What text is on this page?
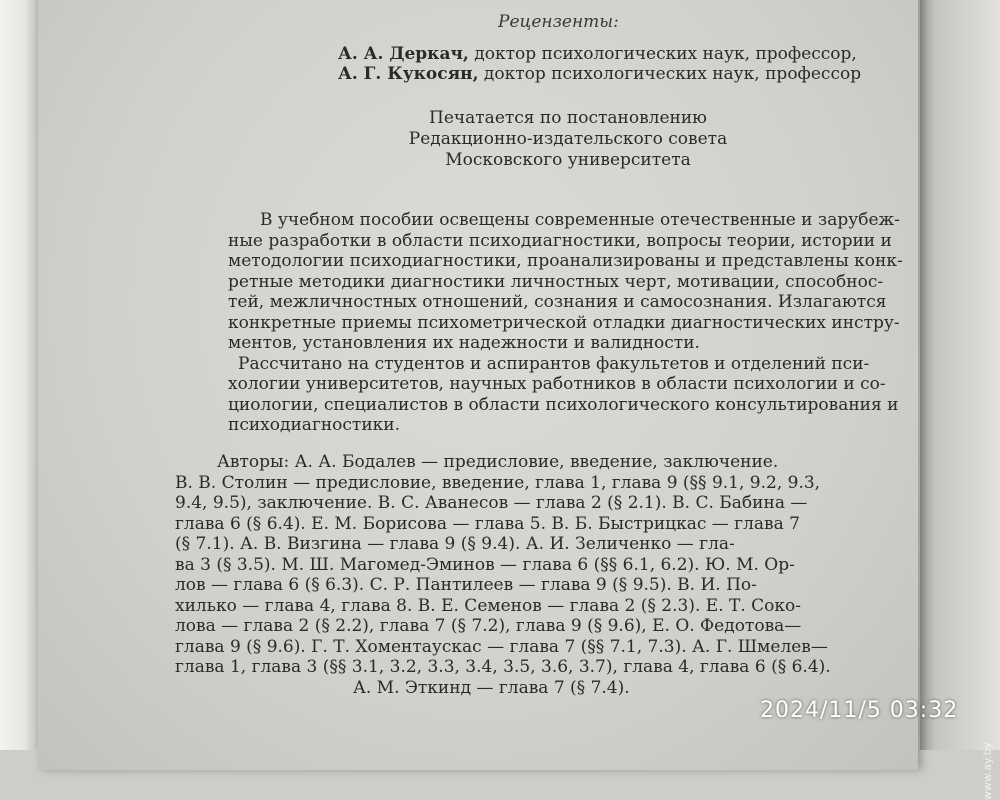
Рецензенты:
А. А. Деркач, доктор психологических наук, профессор,
А. Г. Кукосян, доктор психологических наук, профессор
Печатается по постановлению
Редакционно-издательского совета
Московского университета
В учебном пособии освещены современные отечественные и зарубеж-
ные разработки в области психодиагностики, вопросы теории, истории и
методологии психодиагностики, проанализированы и представлены конк-
ретные методики диагностики личностных черт, мотивации, способнос-
тей, межличностных отношений, сознания и самосознания. Излагаются
конкретные приемы психометрической отладки диагностических инстру-
ментов, установления их надежности и валидности.
Рассчитано на студентов и аспирантов факультетов и отделений пси-
хологии университетов, научных работников в области психологии и со-
циологии, специалистов в области психологического консультирования и
психодиагностики.
Авторы: А. А. Бодалев — предисловие, введение, заключение.
В. В. Столин — предисловие, введение, глава 1, глава 9 (§§ 9.1, 9.2, 9.3,
9.4, 9.5), заключение. В. С. Аванесов — глава 2 (§ 2.1). В. С. Бабина —
глава 6 (§ 6.4). Е. М. Борисова — глава 5. В. Б. Быстрицкас — глава 7
(§ 7.1). А. В. Визгина — глава 9 (§ 9.4). А. И. Зеличенко — гла-
ва 3 (§ 3.5). М. Ш. Магомед-Эминов — глава 6 (§§ 6.1, 6.2). Ю. М. Ор-
лов — глава 6 (§ 6.3). С. Р. Пантилеев — глава 9 (§ 9.5). В. И. По-
хилько — глава 4, глава 8. В. Е. Семенов — глава 2 (§ 2.3). Е. Т. Соко-
лова — глава 2 (§ 2.2), глава 7 (§ 7.2), глава 9 (§ 9.6), Е. О. Федотова—
глава 9 (§ 9.6). Г. Т. Хоментаускас — глава 7 (§§ 7.1, 7.3). А. Г. Шмелев—
глава 1, глава 3 (§§ 3.1, 3.2, 3.3, 3.4, 3.5, 3.6, 3.7), глава 4, глава 6 (§ 6.4).
А. М. Эткинд — глава 7 (§ 7.4).
2024/11/5 03:32
www.ay.by
